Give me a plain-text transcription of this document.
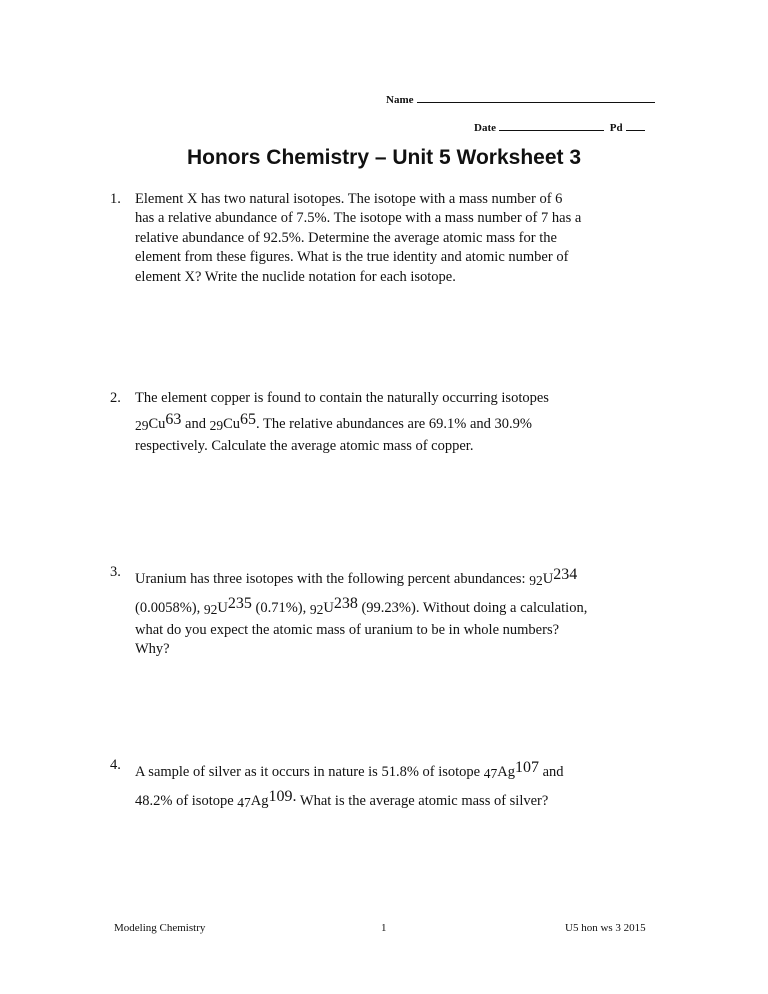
Name
Date	Pd
Honors Chemistry – Unit 5 Worksheet 3
1. Element X has two natural isotopes. The isotope with a mass number of 6
has a relative abundance of 7.5%. The isotope with a mass number of 7 has a
relative abundance of 92.5%. Determine the average atomic mass for the
element from these figures. What is the true identity and atomic number of
element X? Write the nuclide notation for each isotope.
2. The element copper is found to contain the naturally occurring isotopes
$_{29}Cu^{63}$ and $_{29}Cu^{65}$. The relative abundances are 69.1% and 30.9%
respectively. Calculate the average atomic mass of copper.
3. Uranium has three isotopes with the following percent abundances: $_{92}U^{234}$
(0.0058%), $_{92}U^{235}$ (0.71%), $_{92}U^{238}$ (99.23%). Without doing a calculation,
what do you expect the atomic mass of uranium to be in whole numbers?
Why?
4. A sample of silver as it occurs in nature is 51.8% of isotope $_{47}Ag^{107}$ and
48.2% of isotope $_{47}Ag^{109.}$ What is the average atomic mass of silver?
Modeling Chemistry	1	U5 hon ws 3 2015
